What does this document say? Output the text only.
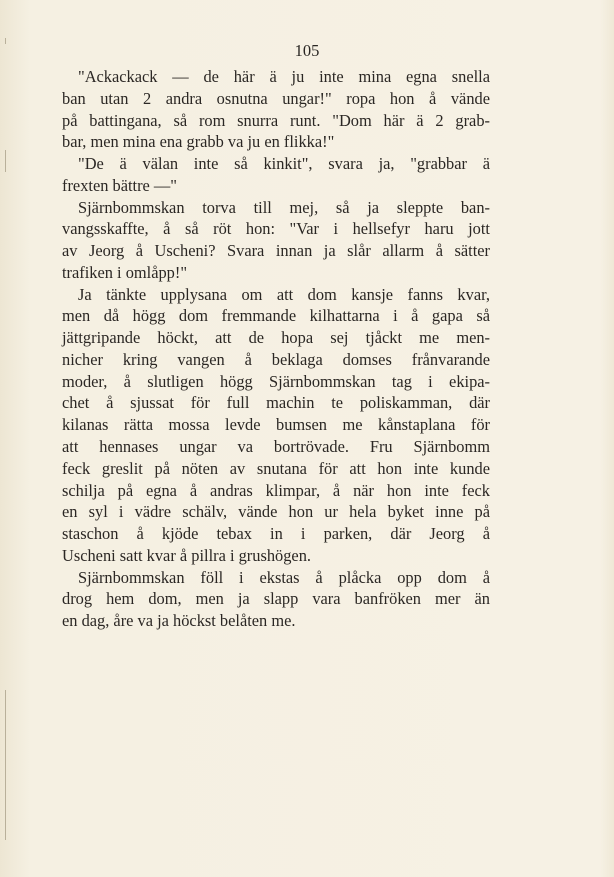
105

"Ackackack — de här ä ju inte mina egna snella
ban utan 2 andra osnutna ungar!" ropa hon å vände
på battingana, så rom snurra runt. "Dom här ä 2 grab-
bar, men mina ena grabb va ju en flikka!"

"De ä välan inte så kinkit", svara ja, "grabbar ä
frexten bättre —"

Sjärnbommskan torva till mej, så ja sleppte ban-
vangsskaffte, å så röt hon: "Var i hellsefyr haru jott
av Jeorg å Uscheni? Svara innan ja slår allarm å sätter
trafiken i omlåpp!"

Ja tänkte upplysana om att dom kansje fanns kvar,
men då högg dom fremmande kilhattarna i å gapa så
jättgripande höckt, att de hopa sej tjåckt me men-
nicher kring vangen å beklaga domses frånvarande
moder, å slutligen högg Sjärnbommskan tag i ekipa-
chet å sjussat för full machin te poliskamman, där
kilanas rätta mossa levde bumsen me kånstaplana för
att hennases ungar va bortrövade. Fru Sjärnbomm
feck greslit på nöten av snutana för att hon inte kunde
schilja på egna å andras klimpar, å när hon inte feck
en syl i vädre schälv, vände hon ur hela byket inne på
staschon å kjöde tebax in i parken, där Jeorg å
Uscheni satt kvar å pillra i grushögen.

Sjärnbommskan föll i ekstas å plåcka opp dom å
drog hem dom, men ja slapp vara banfröken mer än
en dag, åre va ja höckst belåten me.
